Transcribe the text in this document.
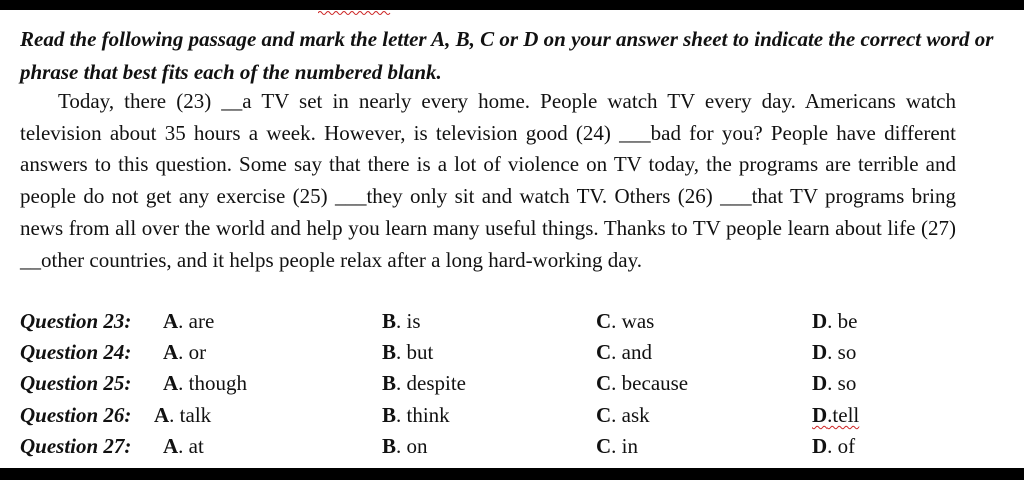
Read the following passage and mark the letter A, B, C or D on your answer sheet to indicate the correct word or phrase that best fits each of the numbered blank.

Today, there (23) __a TV set in nearly every home. People watch TV every day. Americans watch television about 35 hours a week. However, is television good (24) ___bad for you? People have different answers to this question. Some say that there is a lot of violence on TV today, the programs are terrible and people do not get any exercise (25) ___they only sit and watch TV. Others (26) ___that TV programs bring news from all over the world and help you learn many useful things. Thanks to TV people learn about life (27) __other countries, and it helps people relax after a long hard-working day.

Question 23: A. are	B. is	C. was	D. be
Question 24: A. or	B. but	C. and	D. so
Question 25: A. though	B. despite	C. because	D. so
Question 26: A. talk	B. think	C. ask	D.tell
Question 27: A. at	B. on	C. in	D. of
